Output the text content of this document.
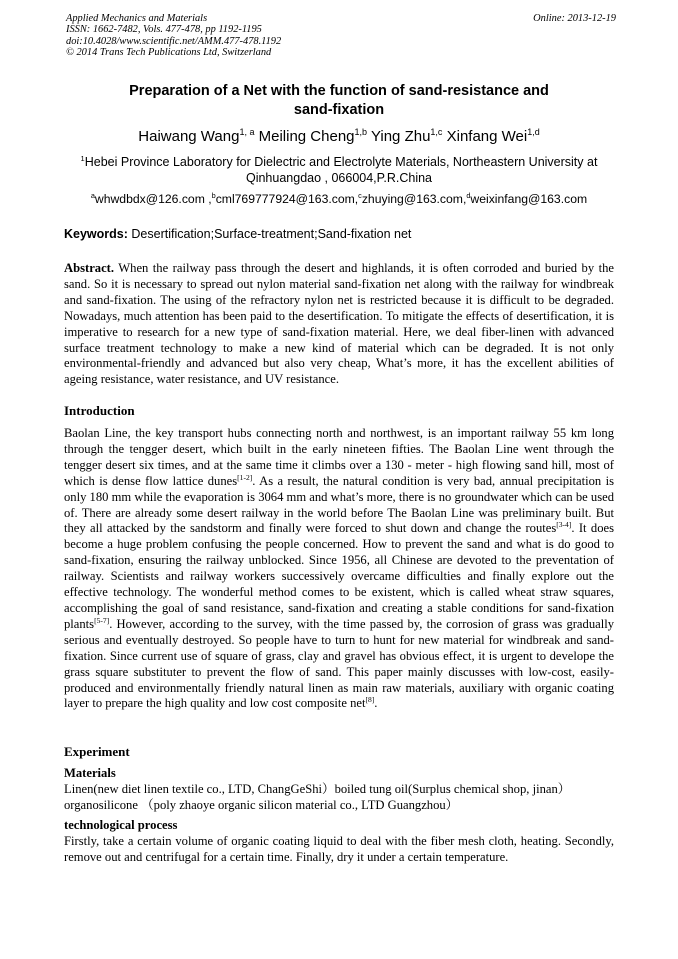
Applied Mechanics and Materials
ISSN: 1662-7482, Vols. 477-478, pp 1192-1195
doi:10.4028/www.scientific.net/AMM.477-478.1192
© 2014 Trans Tech Publications Ltd, Switzerland
Online: 2013-12-19
Preparation of a Net with the function of sand-resistance and
sand-fixation
Haiwang Wang$^{1, a}$ Meiling Cheng$^{1,b}$ Ying Zhu$^{1,c}$ Xinfang Wei$^{1,d}$
$^1$Hebei Province Laboratory for Dielectric and Electrolyte Materials, Northeastern University at
Qinhuangdao , 066004,P.R.China
$^a$whwdbdx@126.com ,$^b$cml769777924@163.com,$^c$zhuying@163.com,$^d$weixinfang@163.com
Keywords: Desertification;Surface-treatment;Sand-fixation net
Abstract. When the railway pass through the desert and highlands, it is often corroded and buried by the sand. So it is necessary to spread out nylon material sand-fixation net along with the railway for windbreak and sand-fixation. The using of the refractory nylon net is restricted because it is difficult to be degraded. Nowadays, much attention has been paid to the desertification. To mitigate the effects of desertification, it is imperative to research for a new type of sand-fixation material. Here, we deal fiber-linen with advanced surface treatment technology to make a new kind of material which can be degraded. It is not only environmental-friendly and advanced but also very cheap, What’s more, it has the excellent abilities of ageing resistance, water resistance, and UV resistance.
Introduction
Baolan Line, the key transport hubs connecting north and northwest, is an important railway 55 km long through the tengger desert, which built in the early nineteen fifties. The Baolan Line went through the tengger desert six times, and at the same time it climbs over a 130 - meter - high flowing sand hill, most of which is dense flow lattice dunes[1-2]. As a result, the natural condition is very bad, annual precipitation is only 180 mm while the evaporation is 3064 mm and what’s more, there is no groundwater which can be used of. There are already some desert railway in the world before The Baolan Line was preliminary built. But they all attacked by the sandstorm and finally were forced to shut down and change the routes[3-4]. It does become a huge problem confusing the people concerned. How to prevent the sand and what is do good to sand-fixation, ensuring the railway unblocked. Since 1956, all Chinese are devoted to the preventation of railway. Scientists and railway workers successively overcame difficulties and finally explore out the effective technology. The wonderful method comes to be existent, which is called wheat straw squares, accomplishing the goal of sand resistance, sand-fixation and creating a stable conditions for sand-fixation plants[5-7]. However, according to the survey, with the time passed by, the corrosion of grass was gradually serious and eventually destroyed. So people have to turn to hunt for new material for windbreak and sand-fixation. Since current use of square of grass, clay and gravel has obvious effect, it is urgent to develope the grass square substituter to prevent the flow of sand. This paper mainly discusses with low-cost, easily-produced and environmentally friendly natural linen as main raw materials, auxiliary with organic coating layer to prepare the high quality and low cost composite net[8].
Experiment
Materials
Linen(new diet linen textile co., LTD, ChangGeShi）boiled tung oil(Surplus chemical shop, jinan）
organosilicone （poly zhaoye organic silicon material co., LTD Guangzhou）
technological process
Firstly, take a certain volume of organic coating liquid to deal with the fiber mesh cloth, heating. Secondly, remove out and centrifugal for a certain time. Finally, dry it under a certain temperature.
